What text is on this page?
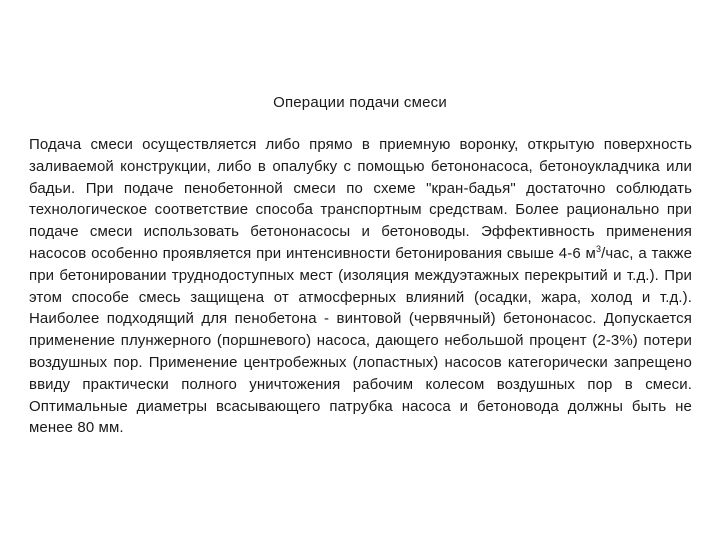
Операции подачи смеси

Подача смеси осуществляется либо прямо в приемную воронку, открытую поверхность заливаемой конструкции, либо в опалубку с помощью бетононасоса, бетоноукладчика или бадьи. При подаче пенобетонной смеси по схеме "кран-бадья" достаточно соблюдать технологическое соответствие способа транспортным средствам. Более рационально при подаче смеси использовать бетононасосы и бетоноводы. Эффективность применения насосов особенно проявляется при интенсивности бетонирования свыше 4-6 $м^3$/час, а также при бетонировании труднодоступных мест (изоляция междуэтажных перекрытий и т.д.). При этом способе смесь защищена от атмосферных влияний (осадки, жара, холод и т.д.). Наиболее подходящий для пенобетона - винтовой (червячный) бетононасос. Допускается применение плунжерного (поршневого) насоса, дающего небольшой процент (2-3%) потери воздушных пор. Применение центробежных (лопастных) насосов категорически запрещено ввиду практически полного уничтожения рабочим колесом воздушных пор в смеси. Оптимальные диаметры всасывающего патрубка насоса и бетоновода должны быть не менее 80 мм.
